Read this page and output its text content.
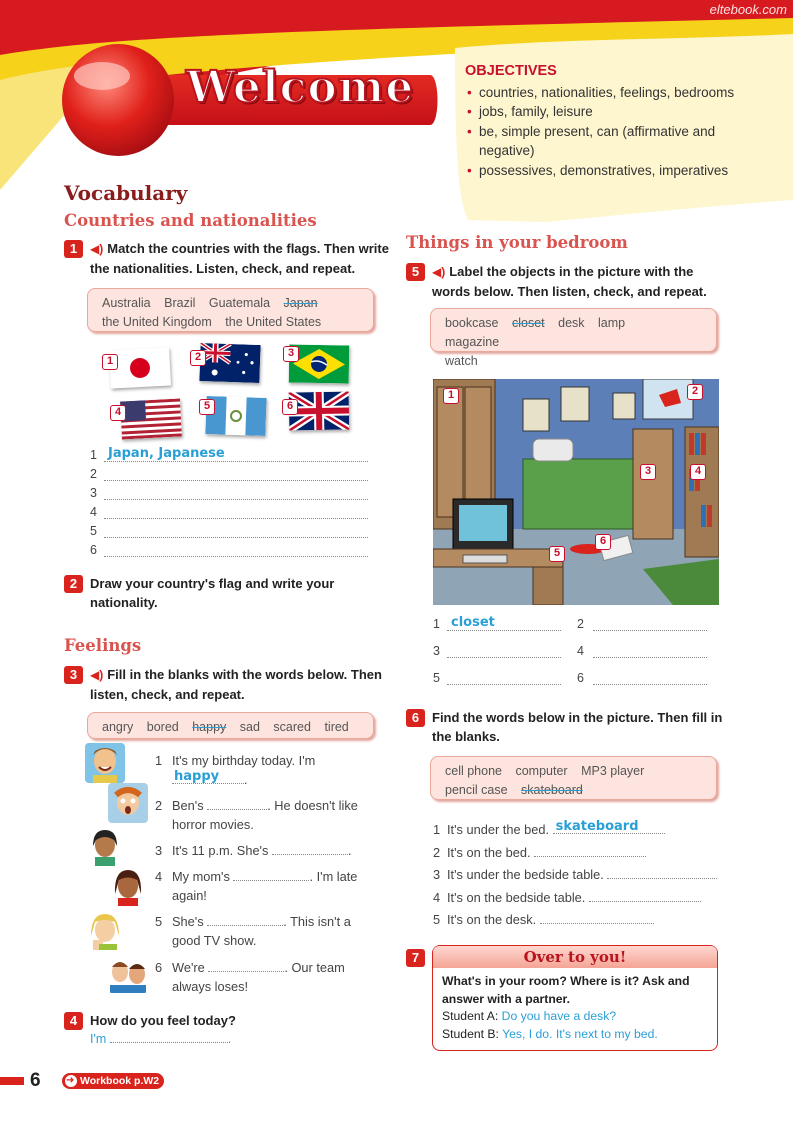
eltebook.com
Welcome	OBJECTIVES
• countries, nationalities, feelings, bedrooms
• jobs, family, leisure
• be, simple present, can (affirmative and negative)
• possessives, demonstratives, imperatives
Vocabulary
Countries and nationalities
1	◀) Match the countries with the flags. Then write the nationalities. Listen, check, and repeat.
Australia Brazil Guatemala Japan
the United Kingdom the United States
1	2	3
4	5	6
1 Japan, Japanese
2
3
4
5
6
2 Draw your country's flag and write your nationality.
Feelings
3	◀) Fill in the blanks with the words below. Then listen, check, and repeat.
angry bored happy sad scared tired
1 It's my birthday today. I'm

happy .
2 Ben's	. He doesn't like
horror movies.
3 It's 11 p.m. She's	.
4 My mom's	. I'm late
again!
5 She's	. This isn't a
good TV show.
6 We're	. Our team
always loses!
4 How do you feel today?
I'm	.
Things in your bedroom
5	◀) Label the objects in the picture with the words below. Then listen, check, and repeat.
bookcase closet desk lamp magazine
watch
1	2
3	4
5
6
1 closet	2
3	4
5	6
6 Find the words below in the picture. Then fill in the blanks.
cell phone computer MP3 player
pencil case skateboard
1 It's under the bed. skateboard
2 It's on the bed.
3 It's under the bedside table.
4 It's on the bedside table.
5 It's on the desk.
7	Over to you!
What's in your room? Where is it? Ask and answer with a partner.
Student A: Do you have a desk?
Student B: Yes, I do. It's next to my bed.
6	Workbook p.W2 ➜
